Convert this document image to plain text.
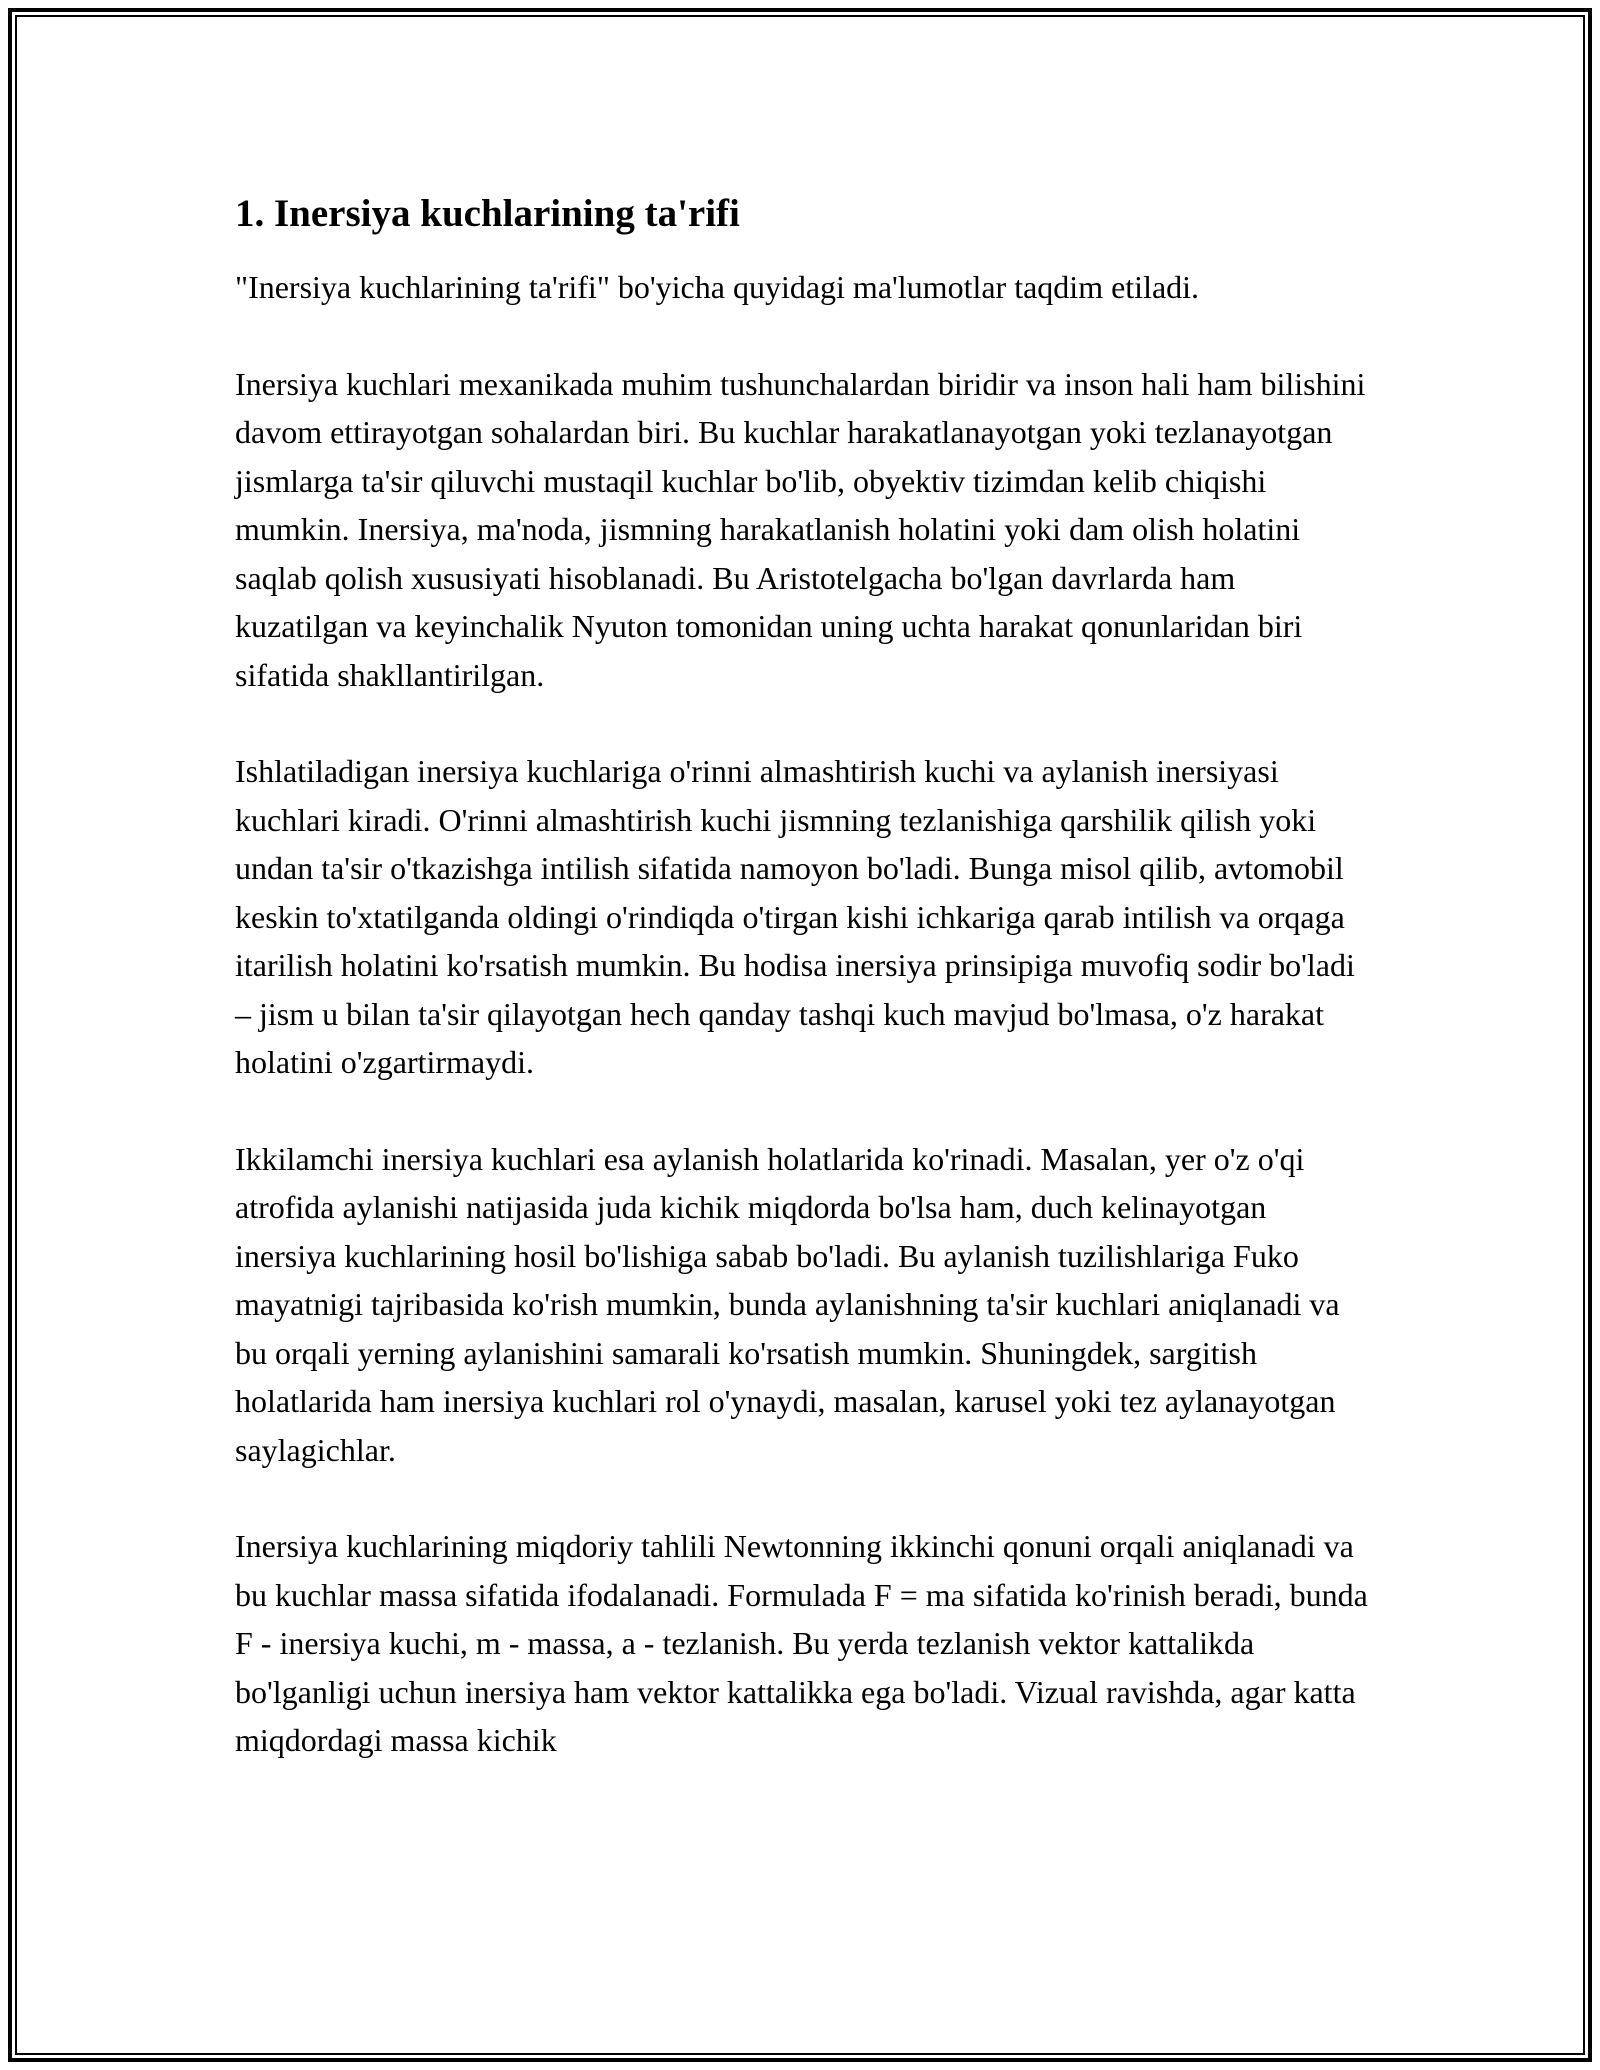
1. Inersiya kuchlarining ta'rifi

"Inersiya kuchlarining ta'rifi" bo'yicha quyidagi ma'lumotlar taqdim etiladi.

Inersiya kuchlari mexanikada muhim tushunchalardan biridir va inson hali ham bilishini davom ettirayotgan sohalardan biri. Bu kuchlar harakatlanayotgan yoki tezlanayotgan jismlarga ta'sir qiluvchi mustaqil kuchlar bo'lib, obyektiv tizimdan kelib chiqishi mumkin. Inersiya, ma'noda, jismning harakatlanish holatini yoki dam olish holatini saqlab qolish xususiyati hisoblanadi. Bu Aristotelgacha bo'lgan davrlarda ham kuzatilgan va keyinchalik Nyuton tomonidan uning uchta harakat qonunlaridan biri sifatida shakllantirilgan.

Ishlatiladigan inersiya kuchlariga o'rinni almashtirish kuchi va aylanish inersiyasi kuchlari kiradi. O'rinni almashtirish kuchi jismning tezlanishiga qarshilik qilish yoki undan ta'sir o'tkazishga intilish sifatida namoyon bo'ladi. Bunga misol qilib, avtomobil keskin to'xtatilganda oldingi o'rindiqda o'tirgan kishi ichkariga qarab intilish va orqaga itarilish holatini ko'rsatish mumkin. Bu hodisa inersiya prinsipiga muvofiq sodir bo'ladi – jism u bilan ta'sir qilayotgan hech qanday tashqi kuch mavjud bo'lmasa, o'z harakat holatini o'zgartirmaydi.

Ikkilamchi inersiya kuchlari esa aylanish holatlarida ko'rinadi. Masalan, yer o'z o'qi atrofida aylanishi natijasida juda kichik miqdorda bo'lsa ham, duch kelinayotgan inersiya kuchlarining hosil bo'lishiga sabab bo'ladi. Bu aylanish tuzilishlariga Fuko mayatnigi tajribasida ko'rish mumkin, bunda aylanishning ta'sir kuchlari aniqlanadi va bu orqali yerning aylanishini samarali ko'rsatish mumkin. Shuningdek, sargitish holatlarida ham inersiya kuchlari rol o'ynaydi, masalan, karusel yoki tez aylanayotgan saylagichlar.

Inersiya kuchlarining miqdoriy tahlili Newtonning ikkinchi qonuni orqali aniqlanadi va bu kuchlar massa sifatida ifodalanadi. Formulada F = ma sifatida ko'rinish beradi, bunda F - inersiya kuchi, m - massa, a - tezlanish. Bu yerda tezlanish vektor kattalikda bo'lganligi uchun inersiya ham vektor kattalikka ega bo'ladi. Vizual ravishda, agar katta miqdordagi massa kichik
